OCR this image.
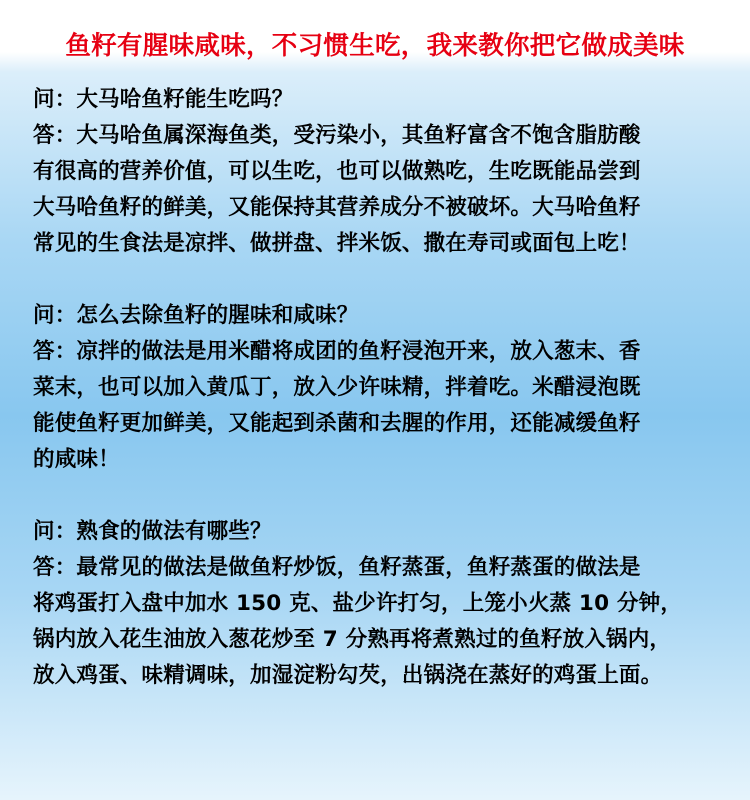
鱼籽有腥味咸味，不习惯生吃，我来教你把它做成美味
问：大马哈鱼籽能生吃吗？
答：大马哈鱼属深海鱼类，受污染小，其鱼籽富含不饱含脂肪酸
有很高的营养价值，可以生吃，也可以做熟吃，生吃既能品尝到
大马哈鱼籽的鲜美，又能保持其营养成分不被破坏。大马哈鱼籽
常见的生食法是凉拌、做拼盘、拌米饭、撒在寿司或面包上吃！
问：怎么去除鱼籽的腥味和咸味？
答：凉拌的做法是用米醋将成团的鱼籽浸泡开来，放入葱末、香
菜末，也可以加入黄瓜丁，放入少许味精，拌着吃。米醋浸泡既
能使鱼籽更加鲜美，又能起到杀菌和去腥的作用，还能减缓鱼籽
的咸味！
问：熟食的做法有哪些？
答：最常见的做法是做鱼籽炒饭，鱼籽蒸蛋，鱼籽蒸蛋的做法是
将鸡蛋打入盘中加水 150 克、盐少许打匀，上笼小火蒸 10 分钟，
锅内放入花生油放入葱花炒至 7 分熟再将煮熟过的鱼籽放入锅内，
放入鸡蛋、味精调味，加湿淀粉勾芡，出锅浇在蒸好的鸡蛋上面。
